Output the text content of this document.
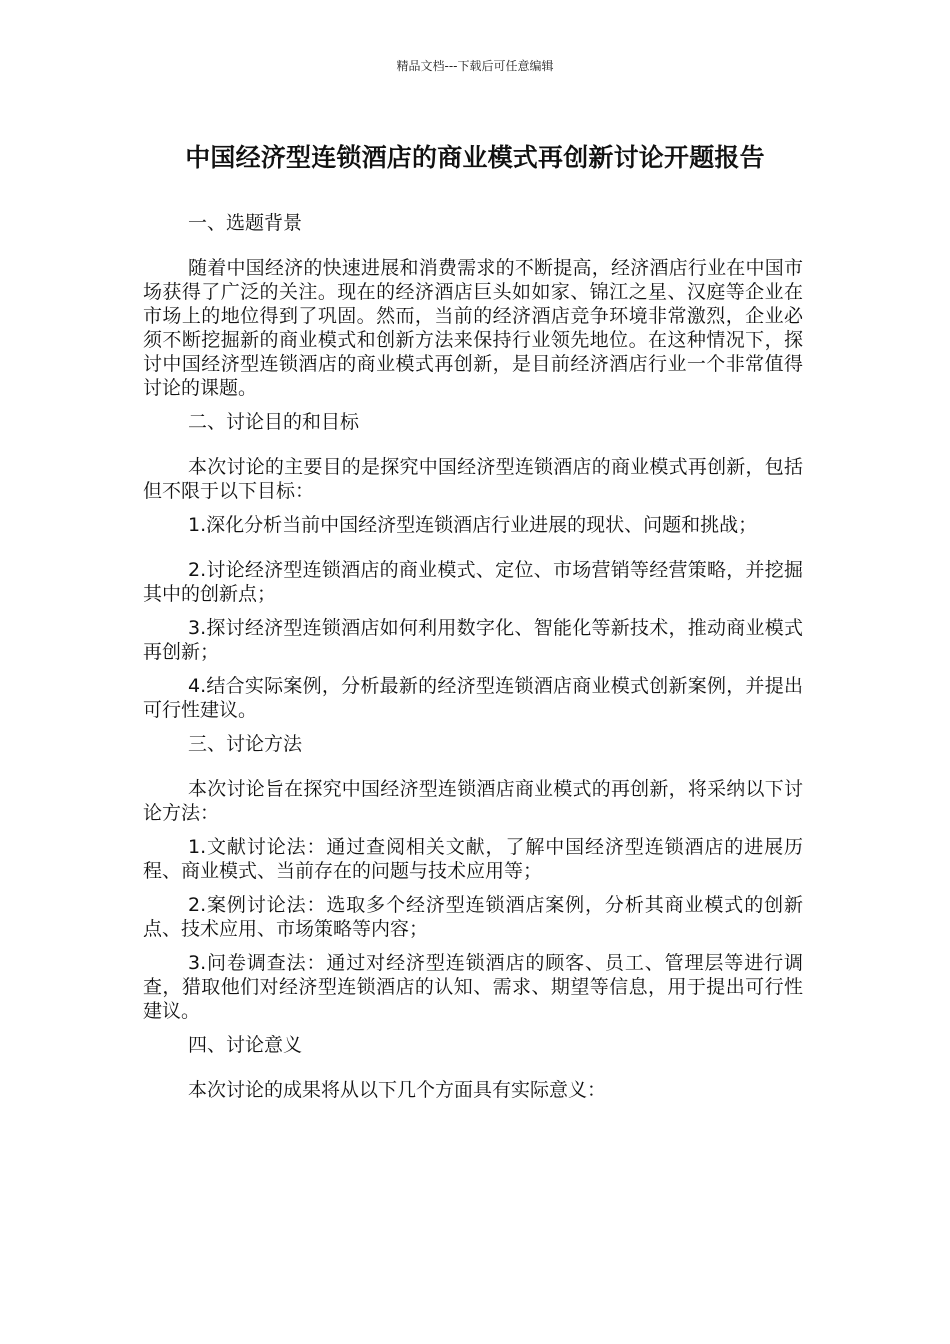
精品文档---下载后可任意编辑
中国经济型连锁酒店的商业模式再创新讨论开题报告

一、选题背景

随着中国经济的快速进展和消费需求的不断提高，经济酒店行业在中国市场获得了广泛的关注。现在的经济酒店巨头如如家、锦江之星、汉庭等企业在市场上的地位得到了巩固。然而，当前的经济酒店竞争环境非常激烈，企业必须不断挖掘新的商业模式和创新方法来保持行业领先地位。在这种情况下，探讨中国经济型连锁酒店的商业模式再创新，是目前经济酒店行业一个非常值得讨论的课题。

二、讨论目的和目标

本次讨论的主要目的是探究中国经济型连锁酒店的商业模式再创新，包括但不限于以下目标：

1.深化分析当前中国经济型连锁酒店行业进展的现状、问题和挑战；

2.讨论经济型连锁酒店的商业模式、定位、市场营销等经营策略，并挖掘其中的创新点；

3.探讨经济型连锁酒店如何利用数字化、智能化等新技术，推动商业模式再创新；

4.结合实际案例，分析最新的经济型连锁酒店商业模式创新案例，并提出可行性建议。

三、讨论方法

本次讨论旨在探究中国经济型连锁酒店商业模式的再创新，将采纳以下讨论方法：

1.文献讨论法：通过查阅相关文献，了解中国经济型连锁酒店的进展历程、商业模式、当前存在的问题与技术应用等；

2.案例讨论法：选取多个经济型连锁酒店案例，分析其商业模式的创新点、技术应用、市场策略等内容；

3.问卷调查法：通过对经济型连锁酒店的顾客、员工、管理层等进行调查，猎取他们对经济型连锁酒店的认知、需求、期望等信息，用于提出可行性建议。

四、讨论意义

本次讨论的成果将从以下几个方面具有实际意义：
